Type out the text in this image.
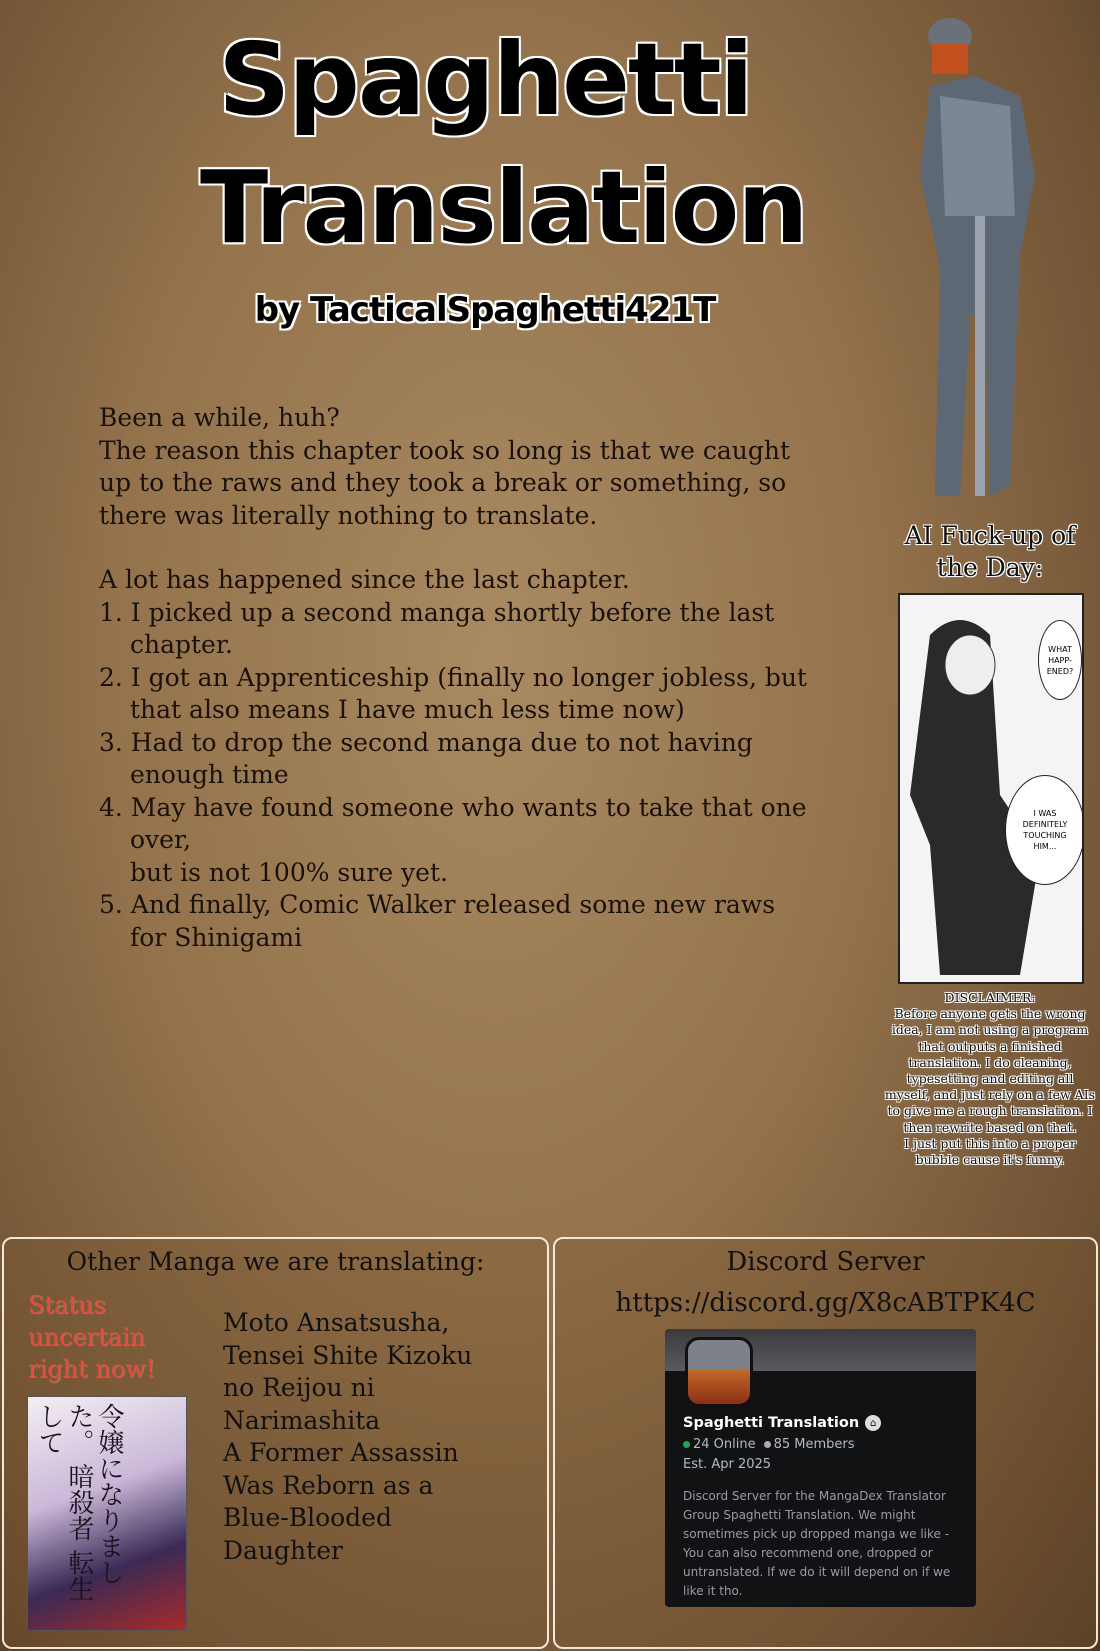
Spaghetti
Translation
by TacticalSpaghetti421T

Been a while, huh?

The reason this chapter took so long is that we caught up to the raws and they took a break or something, so there was literally nothing to translate.

A lot has happened since the last chapter.

1. I picked up a second manga shortly before the last chapter.

2. I got an Apprenticeship (finally no longer jobless, but that also means I have much less time now)

3. Had to drop the second manga due to not having enough time

4. May have found someone who wants to take that one over,

but is not 100% sure yet.

5. And finally, Comic Walker released some new raws for Shinigami

AI Fuck-up of the Day:
WHAT HAPP-ENED?
I WAS DEFINITELY TOUCHING HIM...
DISCLAIMER:
Before anyone gets the wrong idea, I am not using a program that outputs a finished translation. I do cleaning, typesetting and editing all myself, and just rely on a few AIs to give me a rough translation. I then rewrite based on that.
I just put this into a proper bubble cause it's funny.
Other Manga we are translating:
Status uncertain right now!
令嬢になりました。 暗殺者 転生して
Moto Ansatsusha, Tensei Shite Kizoku no Reijou ni Narimashita
A Former Assassin Was Reborn as a Blue-Blooded Daughter
Discord Server
https://discord.gg/X8cABTPK4C
Spaghetti Translation	⌂
24 Online	85 Members
Est. Apr 2025
Discord Server for the MangaDex Translator Group Spaghetti Translation. We might sometimes pick up dropped manga we like - You can also recommend one, dropped or untranslated. If we do it will depend on if we like it tho.
